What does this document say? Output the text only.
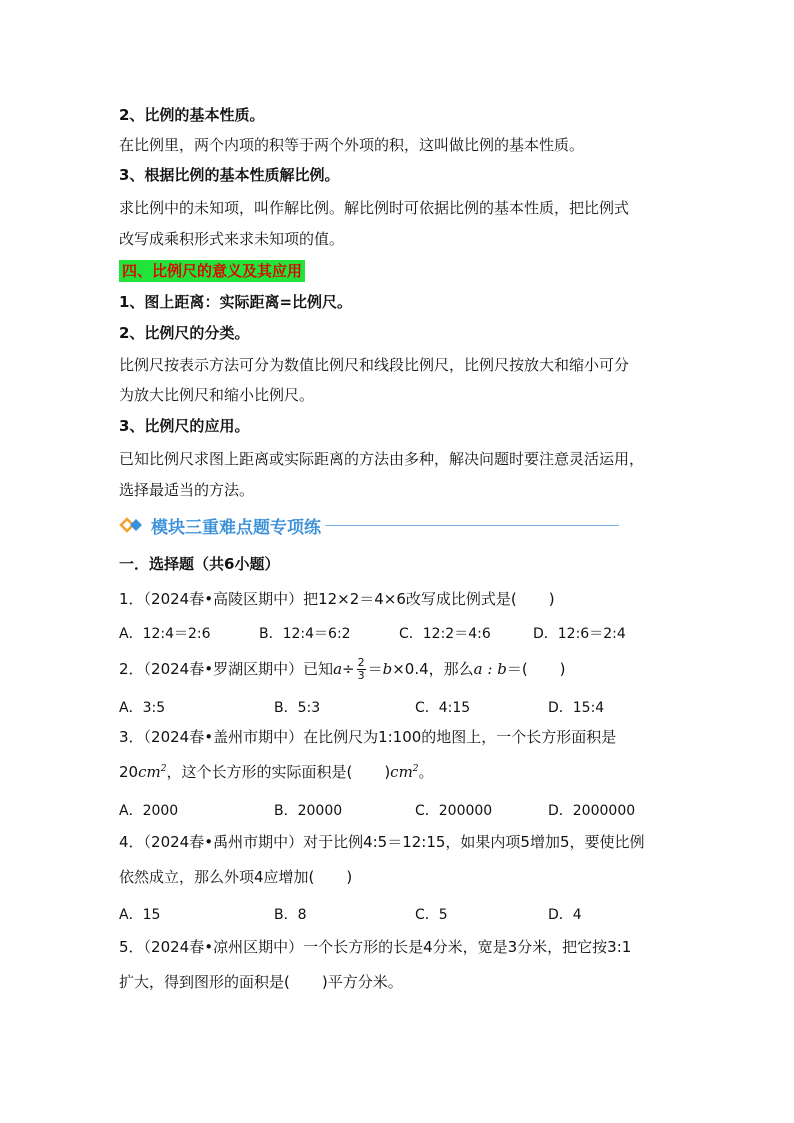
2、比例的基本性质。
在比例里，两个内项的积等于两个外项的积，这叫做比例的基本性质。
3、根据比例的基本性质解比例。
求比例中的未知项，叫作解比例。解比例时可依据比例的基本性质，把比例式
改写成乘积形式来求未知项的值。
四、比例尺的意义及其应用
1、图上距离：实际距离=比例尺。
2、比例尺的分类。
比例尺按表示方法可分为数值比例尺和线段比例尺，比例尺按放大和缩小可分
为放大比例尺和缩小比例尺。
3、比例尺的应用。
已知比例尺求图上距离或实际距离的方法由多种，解决问题时要注意灵活运用，
选择最适当的方法。
模块三重难点题专项练
一．选择题（共6小题）
1．（2024春•高陵区期中）把12×2＝4×6改写成比例式是( )
A．12:4＝2:6	B．12:4＝6:2	C．12:2＝4:6	D．12:6＝2:4
2．（2024春•罗湖区期中）已知$a\div \frac{2}{3} =b\times 0.4$，那么a : b＝( )
A．3:5	B．5:3	C．4:15	D．15:4
3．（2024春•盖州市期中）在比例尺为1:100的地图上，一个长方形面积是
$20cm^2$，这个长方形的实际面积是( )$cm^2$。
A．2000	B．20000	C．200000	D．2000000
4．（2024春•禹州市期中）对于比例4:5＝12:15，如果内项5增加5，要使比例
依然成立，那么外项4应增加( )
A．15	B．8	C．5	D．4
5．（2024春•凉州区期中）一个长方形的长是4分米，宽是3分米，把它按3:1
扩大，得到图形的面积是( )平方分米。
